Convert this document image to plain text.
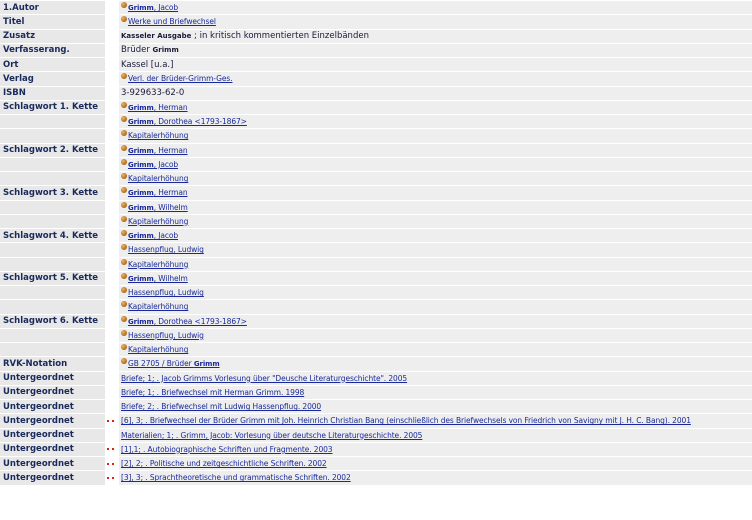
1.Autor		Grimm, Jacob
Titel		Werke und Briefwechsel
Zusatz		Kasseler Ausgabe ; in kritisch kommentierten Einzelbänden
Verfasserang.		Brüder Grimm
Ort		Kassel [u.a.]
Verlag		Verl. der Brüder-Grimm-Ges.
ISBN		3-929633-62-0
Schlagwort 1. Kette		Grimm, Herman
		Grimm, Dorothea <1793-1867>
		Kapitalerhöhung
Schlagwort 2. Kette		Grimm, Herman
		Grimm, Jacob
		Kapitalerhöhung
Schlagwort 3. Kette		Grimm, Herman
		Grimm, Wilhelm
		Kapitalerhöhung
Schlagwort 4. Kette		Grimm, Jacob
		Hassenpflug, Ludwig
		Kapitalerhöhung
Schlagwort 5. Kette		Grimm, Wilhelm
		Hassenpflug, Ludwig
		Kapitalerhöhung
Schlagwort 6. Kette		Grimm, Dorothea <1793-1867>
		Hassenpflug, Ludwig
		Kapitalerhöhung
RVK-Notation		GB 2705 / Brüder Grimm
Untergeordnet		Briefe; 1; . Jacob Grimms Vorlesung über "Deusche Literaturgeschichte". 2005
Untergeordnet		Briefe; 1; . Briefwechsel mit Herman Grimm. 1998
Untergeordnet		Briefe; 2; . Briefwechsel mit Ludwig Hassenpflug. 2000
Untergeordnet		[6], 3; . Briefwechsel der Brüder Grimm mit Joh. Heinrich Christian Bang (einschließlich des Briefwechsels von Friedrich von Savigny mit J. H. C. Bang). 2001
Untergeordnet		Materialien; 1; . Grimm, Jacob: Vorlesung über deutsche Literaturgeschichte. 2005
Untergeordnet		[1],1; . Autobiographische Schriften und Fragmente. 2003
Untergeordnet		[2], 2; . Politische und zeitgeschichtliche Schriften. 2002
Untergeordnet		[3], 3; . Sprachtheoretische und grammatische Schriften. 2002
